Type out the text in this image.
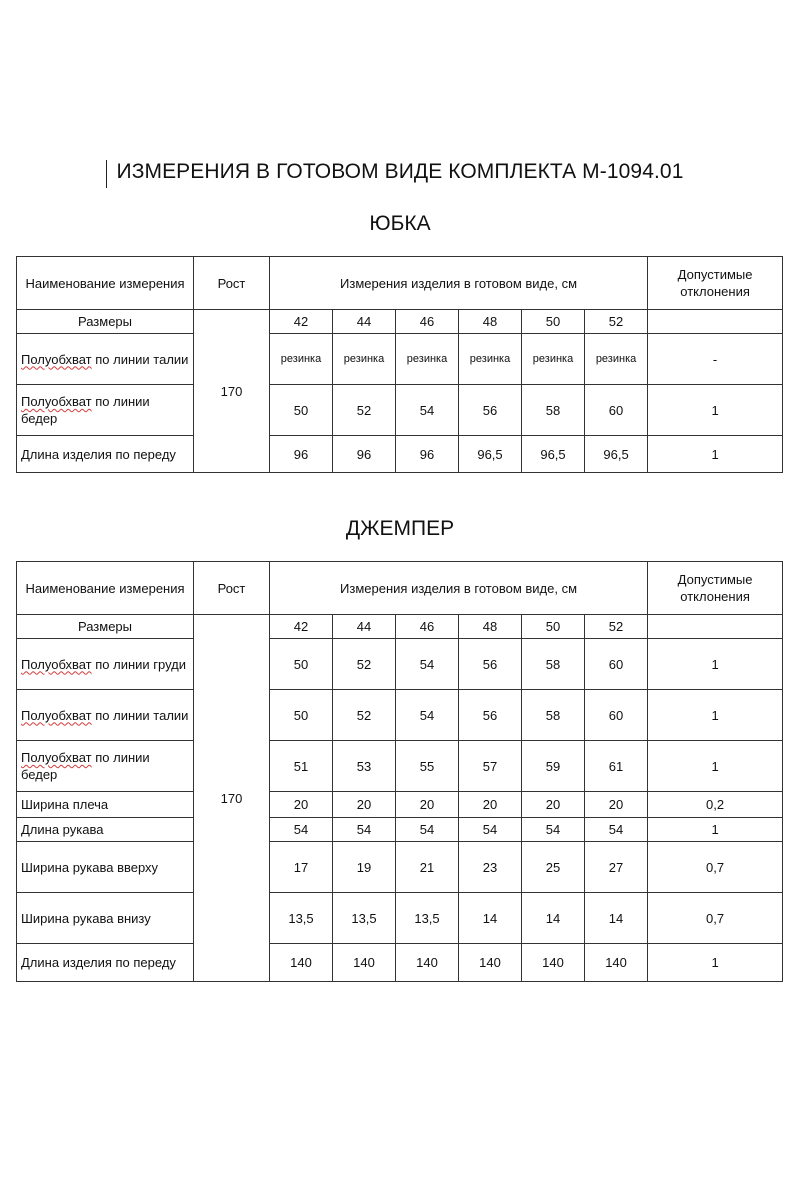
ИЗМЕРЕНИЯ В ГОТОВОМ ВИДЕ КОМПЛЕКТА М-1094.01
ЮБКА
Наименование измерения	Рост	Измерения изделия в готовом виде, см						Допустимые отклонения
Размеры	170	42	44	46	48	50	52	
Полуобхват по линии талии		резинка	резинка	резинка	резинка	резинка	резинка	-
Полуобхват по линии бедер		50	52	54	56	58	60	1
Длина изделия по переду		96	96	96	96,5	96,5	96,5	1
ДЖЕМПЕР
Наименование измерения	Рост	Измерения изделия в готовом виде, см						Допустимые отклонения
Размеры	170	42	44	46	48	50	52	
Полуобхват по линии груди		50	52	54	56	58	60	1
Полуобхват по линии талии		50	52	54	56	58	60	1
Полуобхват по линии бедер		51	53	55	57	59	61	1
Ширина плеча		20	20	20	20	20	20	0,2
Длина рукава		54	54	54	54	54	54	1
Ширина рукава вверху		17	19	21	23	25	27	0,7
Ширина рукава внизу		13,5	13,5	13,5	14	14	14	0,7
Длина изделия по переду		140	140	140	140	140	140	1
